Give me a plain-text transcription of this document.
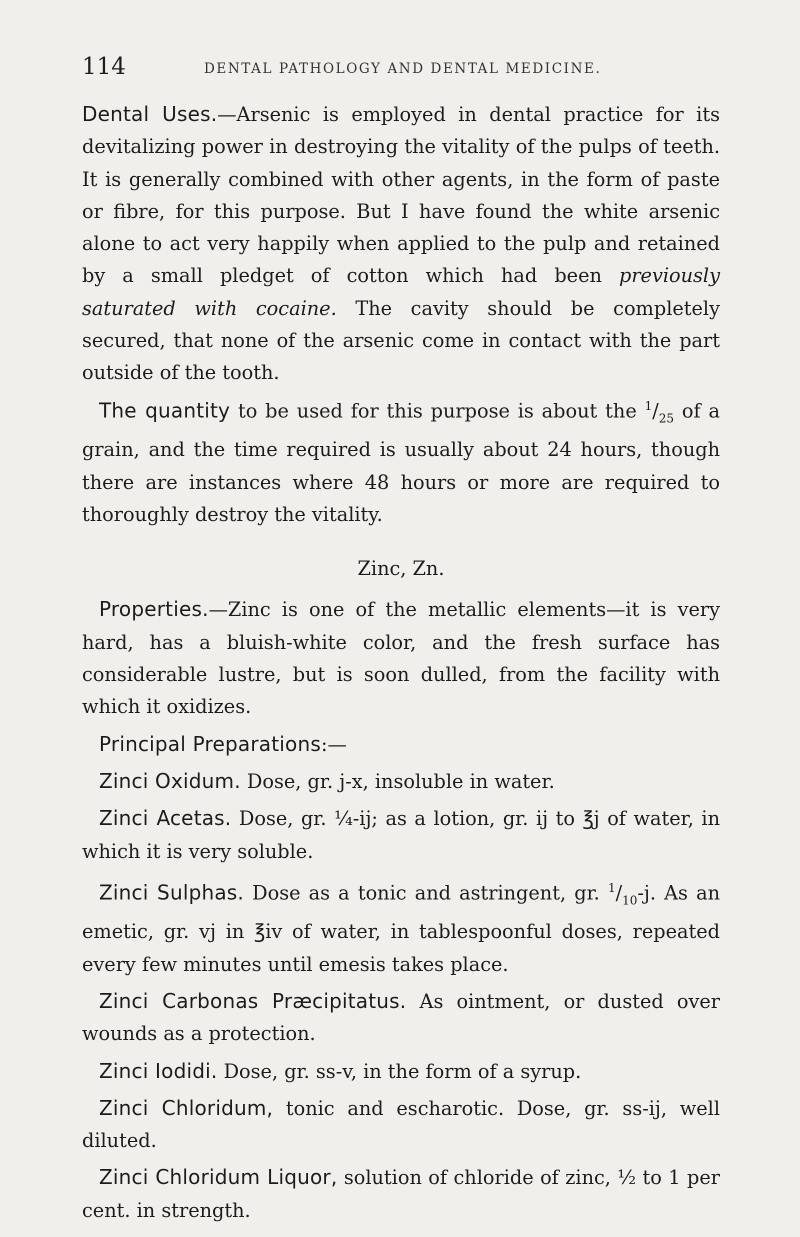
114	DENTAL PATHOLOGY AND DENTAL MEDICINE.

Dental Uses.—Arsenic is employed in dental practice for its devitalizing power in destroying the vitality of the pulps of teeth. It is generally combined with other agents, in the form of paste or fibre, for this purpose. But I have found the white arsenic alone to act very happily when applied to the pulp and retained by a small pledget of cotton which had been previously saturated with cocaine. The cavity should be completely secured, that none of the arsenic come in contact with the part outside of the tooth.

The quantity to be used for this purpose is about the $^1/_{25}$ of a grain, and the time required is usually about 24 hours, though there are instances where 48 hours or more are required to thoroughly destroy the vitality.

Zinc, Zn.

Properties.—Zinc is one of the metallic elements—it is very hard, has a bluish-white color, and the fresh surface has considerable lustre, but is soon dulled, from the facility with which it oxidizes.

Principal Preparations:—

Zinci Oxidum. Dose, gr. j-x, insoluble in water.

Zinci Acetas. Dose, gr. ¼-ij; as a lotion, gr. ij to ℥j of water, in which it is very soluble.

Zinci Sulphas. Dose as a tonic and astringent, gr. $^1/_{10}-j$. As an emetic, gr. vj in ℥iv of water, in tablespoonful doses, repeated every few minutes until emesis takes place.

Zinci Carbonas Præcipitatus. As ointment, or dusted over wounds as a protection.

Zinci Iodidi. Dose, gr. ss-v, in the form of a syrup.

Zinci Chloridum, tonic and escharotic. Dose, gr. ss-ij, well diluted.

Zinci Chloridum Liquor, solution of chloride of zinc, ½ to 1 per cent. in strength.
